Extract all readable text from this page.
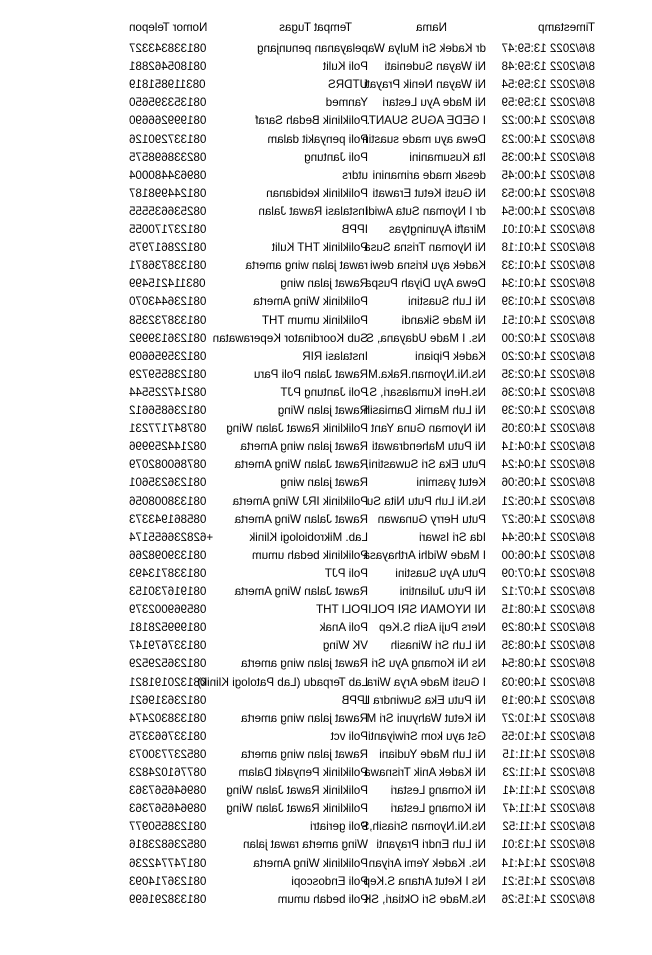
Timestamp
Nama
Tempat Tugas
Nomor Telepon
8/6/2022 13:59:47
dr Kadek Sri Mulya Wa
pelayanan penunjang
081338343327
8/6/2022 13:59:48
Ni Wayan Sudeniati
Poli Kulit
081805462881
8/6/2022 13:59:54
Ni Wayan Nenik Prayati
UTDRS
083119851819
8/6/2022 13:59:59
Ni Made Ayu Lestari
Yanmed
081353395650
8/6/2022 14:00:22
I GEDE AGUS SUANT.
Poliklinik Bedah Saraf
081999266690
8/6/2022 14:00:23
Dewa ayu made suastin
Poli penyakit dalam
081337290126
8/6/2022 14:00:35
Ita Kusumanini
Poli Jantung
082338698575
8/6/2022 14:00:45
desak made arimanini
utdrs
089634480004
8/6/2022 14:00:53
Ni Gusti Ketut Erawati
Poliklinik kebidanan
081244998187
8/6/2022 14:00:54
dr I Nyoman Suta Awidi
Instalasi Rawat Jalan
082536635555
8/6/2022 14:01:01
Mirafti Ayuningtyas
IPPB
081237170055
8/6/2022 14:01:18
Ni Nyoman Trisna Susa
Poliklinik THT Kulit
081228617975
8/6/2022 14:01:33
Kadek ayu krisna dewi
rawat jalan wing amerta
081338736871
8/6/2022 14:01:34
Dewa Ayu Diyah Puspa
Rawat jalan wing
083114215499
8/6/2022 14:01:39
Ni Luh Suastini
Poliklinik Wing Amerta
081236443070
8/6/2022 14:01:51
Ni Made Sikandi
Poliklinik umum THT
081338732358
8/6/2022 14:02:00
Ns. I Made Udayana, S
Sub Koordinator Keperawatan
081236139992
8/6/2022 14:02:20
Kadek Pipiani
Instalasi RIR
081235956609
8/6/2022 14:02:35
Ns.Ni.Nyoman.Raka.M
Rawat Jalan Poli Paru
081238559729
8/6/2022 14:02:36
Ns.Heni Kumalasari, S.
Poli Jantung PJT
082147225544
8/6/2022 14:02:39
Ni Luh Mamik Damiasih
Rawat jalan Wing
081236856612
8/6/2022 14:03:05
Ni Nyoman Guna Yant
Poliklinik Rawat Jalan Wing
087847177231
8/6/2022 14:04:14
Ni Putu Mahendrawati
Rawat jalan wing Amerta
082144259996
8/6/2022 14:04:24
Putu Eka Sri Suwastini,
Rawat Jalan Wing Amerta
087860082079
8/6/2022 14:05:06
Ketut yasmini
Rawat jalan wing
081236235601
8/6/2022 14:05:21
Ns.Ni Luh Putu Nita Su
Poliklinik IRJ Wing Amerta
081338008056
8/6/2022 14:05:27
Putu Herry Gunawan
Rawat Jalan Wing Amerta
085861943373
8/6/2022 14:05:44
Ida Sri Iswari
Lab. Mikrobiologi Klinik
+628236655174
8/6/2022 14:06:00
I Made Widhi Arthayasa
Poliklinik bedah umum
081339098266
8/6/2022 14:07:09
Putu Ayu Suastini
Poli PJT
081338713493
8/6/2022 14:07:12
Ni Putu Juliantini
Rawat Jalan Wing Amerta
081916730153
8/6/2022 14:08:15
NI NYOMAN SRI POLII
POLI THT
085969002379
8/6/2022 14:08:29
Ners Puji Asih S.Kep
Poli Anak
081999528181
8/6/2022 14:08:35
Ni Luh Sri Winasih
VK Wing
081337679147
8/6/2022 14:08:54
Ns Ni Komang Ayu Sri
Rawat jalan wing amerta
081236529529
8/6/2022 14:09:03
I Gusti Made Arya Wira
Lab Terpadu (Lab Patologi Klinik)
081320191821
8/6/2022 14:09:19
Ni Putu Eka Suwindra L
IPPB
081236319621
8/6/2022 14:10:27
Ni Ketut Wahyuni Sri M
Rawat jalan wing amerta
081338302474
8/6/2022 14:10:55
Gst ayu kom Sriwiyanti
Poli vct
081337663375
8/6/2022 14:11:15
Ni Luh Made Yudiani
Rawat jalan wing amerta
085237730073
8/6/2022 14:11:23
Ni Kadek Anik Trisnawa
Poliklinik Penyakit Dalam
087761024823
8/6/2022 14:11:41
Ni Komang Lestari
Poliklinik Rawat Jalan Wing
089646567363
8/6/2022 14:11:47
Ni Komang Lestari
Poliklinik Rawat Jalan Wing
089646567363
8/6/2022 14:11:52
Ns.Ni.Nyoman Sriasih,S
Poli geriatri
081238550977
8/6/2022 14:13:01
Ni Luh Endri Prayanti
Wing amerta rawat jalan
085236823816
8/6/2022 14:14:14
Ns. Kadek Yemi Ariyan
Poliklinik Wing Amerta
081747742236
8/6/2022 14:15:21
Ns I Ketut Artana S.Kep
Poli Endoscopi
081236714093
8/6/2022 14:15:26
Ns.Made Sri Oktiari, SK
Poli bedah umum
081338291699
